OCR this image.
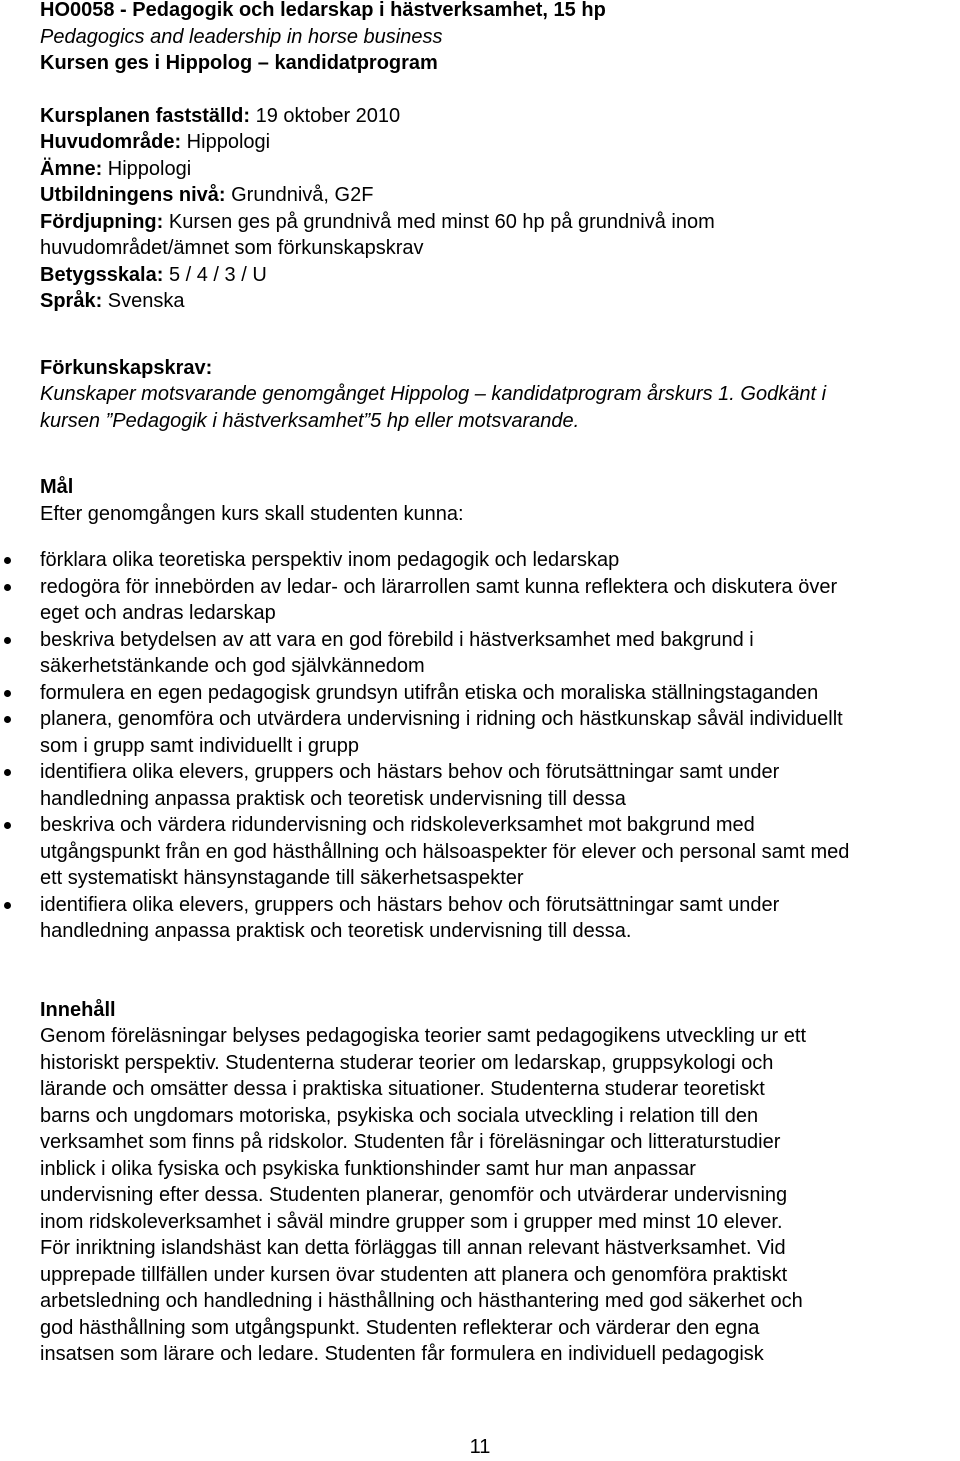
HO0058 - Pedagogik och ledarskap i hästverksamhet, 15 hp
Pedagogics and leadership in horse business
Kursen ges i Hippolog – kandidatprogram
Kursplanen fastställd: 19 oktober 2010
Huvudområde: Hippologi
Ämne: Hippologi
Utbildningens nivå: Grundnivå, G2F
Fördjupning: Kursen ges på grundnivå med minst 60 hp på grundnivå inom
huvudområdet/ämnet som förkunskapskrav
Betygsskala: 5 / 4 / 3 / U
Språk: Svenska
Förkunskapskrav:
Kunskaper motsvarande genomgånget Hippolog – kandidatprogram årskurs 1. Godkänt i
kursen ”Pedagogik i hästverksamhet”5 hp eller motsvarande.
Mål
Efter genomgången kurs skall studenten kunna:
förklara olika teoretiska perspektiv inom pedagogik och ledarskap
redogöra för innebörden av ledar- och lärarrollen samt kunna reflektera och diskutera över
eget och andras ledarskap
beskriva betydelsen av att vara en god förebild i hästverksamhet med bakgrund i
säkerhetstänkande och god självkännedom
formulera en egen pedagogisk grundsyn utifrån etiska och moraliska ställningstaganden
planera, genomföra och utvärdera undervisning i ridning och hästkunskap såväl individuellt
som i grupp samt individuellt i grupp
identifiera olika elevers, gruppers och hästars behov och förutsättningar samt under
handledning anpassa praktisk och teoretisk undervisning till dessa
beskriva och värdera ridundervisning och ridskoleverksamhet mot bakgrund med
utgångspunkt från en god hästhållning och hälsoaspekter för elever och personal samt med
ett systematiskt hänsynstagande till säkerhetsaspekter
identifiera olika elevers, gruppers och hästars behov och förutsättningar samt under
handledning anpassa praktisk och teoretisk undervisning till dessa.
Innehåll
Genom föreläsningar belyses pedagogiska teorier samt pedagogikens utveckling ur ett
historiskt perspektiv. Studenterna studerar teorier om ledarskap, gruppsykologi och
lärande och omsätter dessa i praktiska situationer. Studenterna studerar teoretiskt
barns och ungdomars motoriska, psykiska och sociala utveckling i relation till den
verksamhet som finns på ridskolor. Studenten får i föreläsningar och litteraturstudier
inblick i olika fysiska och psykiska funktionshinder samt hur man anpassar
undervisning efter dessa. Studenten planerar, genomför och utvärderar undervisning
inom ridskoleverksamhet i såväl mindre grupper som i grupper med minst 10 elever.
För inriktning islandshäst kan detta förläggas till annan relevant hästverksamhet. Vid
upprepade tillfällen under kursen övar studenten att planera och genomföra praktiskt
arbetsledning och handledning i hästhållning och hästhantering med god säkerhet och
god hästhållning som utgångspunkt. Studenten reflekterar och värderar den egna
insatsen som lärare och ledare. Studenten får formulera en individuell pedagogisk
11
